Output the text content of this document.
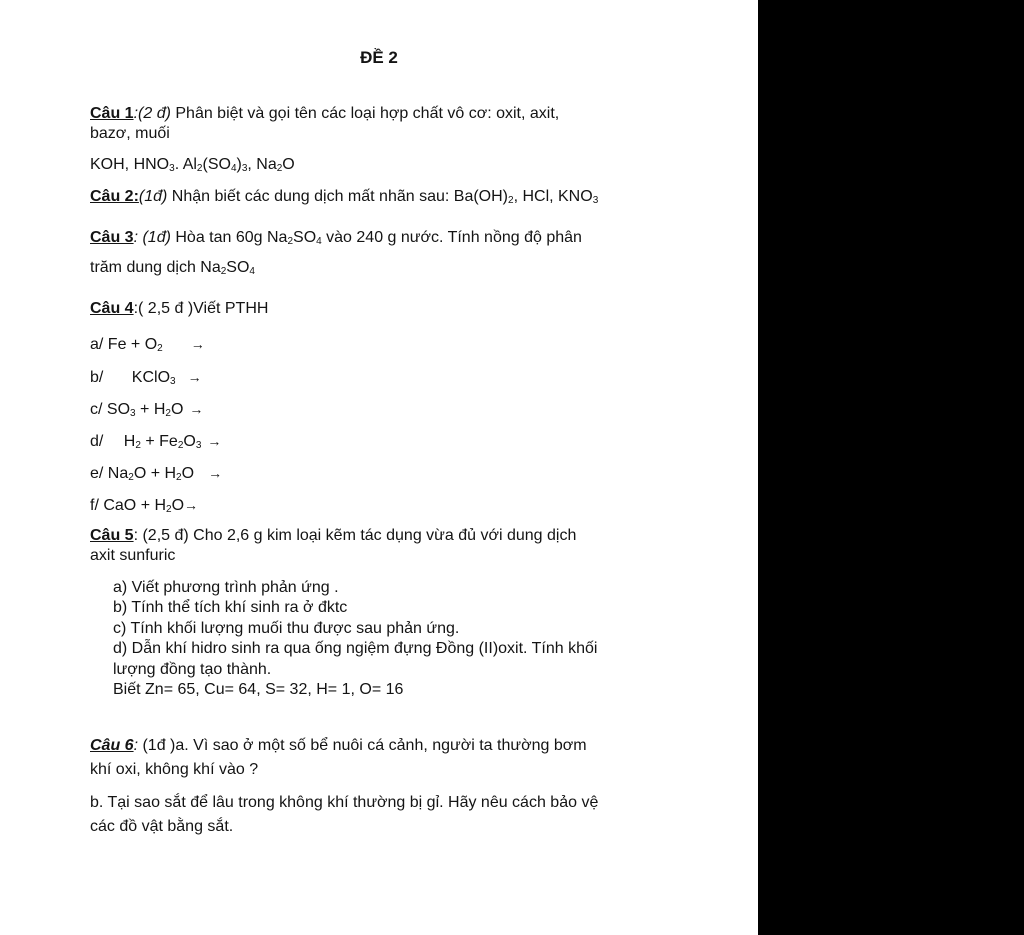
ĐỀ 2
Câu 1:(2 đ) Phân biệt và gọi tên các loại hợp chất vô cơ: oxit, axit,
bazơ, muối
KOH, $HNO_3$. $Al_2(SO_4)_3$, $Na_2O$
Câu 2:(1đ) Nhận biết các dung dịch mất nhãn sau: $Ba(OH)_2$, HCl, $KNO_3$
Câu 3: (1đ) Hòa tan 60g $Na_2SO_4$ vào 240 g nước. Tính nồng độ phân
trăm dung dịch $Na_2SO_4$
Câu 4:( 2,5 đ )Viết PTHH
a/ $Fe + O_2$ →
b/ KClO$_3$ →
c/ $SO_3 + H_2O$ →
d/ $H_2 + Fe_2O_3$ →
e/ $Na_2O + H_2O$ →
f/ CaO + $H_2O\to$
Câu 5: (2,5 đ) Cho 2,6 g kim loại kẽm tác dụng vừa đủ với dung dịch
axit sunfuric
a) Viết phương trình phản ứng .
b) Tính thể tích khí sinh ra ở đktc
c) Tính khối lượng muối thu được sau phản ứng.
d) Dẫn khí hidro sinh ra qua ống ngiệm đựng Đồng (II)oxit. Tính khối
lượng đồng tạo thành.
Biết Zn= 65, Cu= 64, S= 32, H= 1, O= 16
Câu 6: (1đ )a. Vì sao ở một số bể nuôi cá cảnh, người ta thường bơm
khí oxi, không khí vào ?
b. Tại sao sắt để lâu trong không khí thường bị gỉ. Hãy nêu cách bảo vệ
các đồ vật bằng sắt.
